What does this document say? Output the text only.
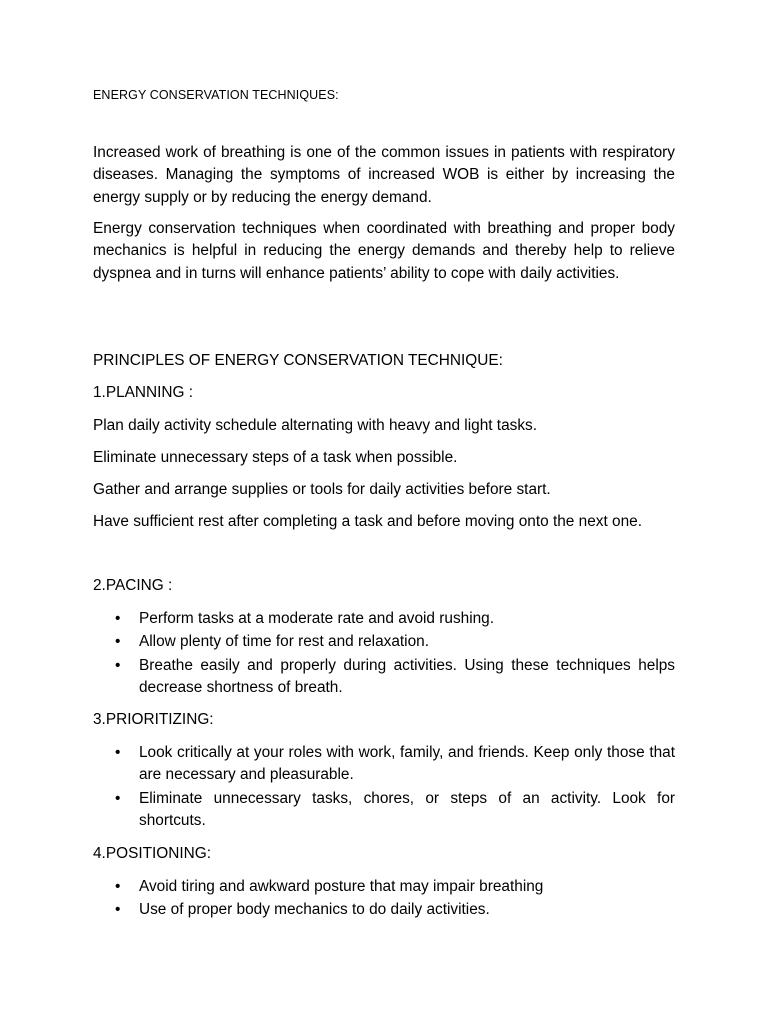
ENERGY CONSERVATION TECHNIQUES:

Increased work of breathing is one of the common issues in patients with respiratory diseases. Managing the symptoms of increased WOB is either by increasing the energy supply or by reducing the energy demand.

Energy conservation techniques when coordinated with breathing and proper body mechanics is helpful in reducing the energy demands and thereby help to relieve dyspnea and in turns will enhance patients’ ability to cope with daily activities.

PRINCIPLES OF ENERGY CONSERVATION TECHNIQUE:
1.PLANNING :
Plan daily activity schedule alternating with heavy and light tasks.
Eliminate unnecessary steps of a task when possible.
Gather and arrange supplies or tools for daily activities before start.
Have sufficient rest after completing a task and before moving onto the next one.
2.PACING :
• Perform tasks at a moderate rate and avoid rushing.
• Allow plenty of time for rest and relaxation.
• Breathe easily and properly during activities. Using these techniques helps decrease shortness of breath.
3.PRIORITIZING:
• Look critically at your roles with work, family, and friends. Keep only those that are necessary and pleasurable.
• Eliminate unnecessary tasks, chores, or steps of an activity. Look for shortcuts.
4.POSITIONING:
• Avoid tiring and awkward posture that may impair breathing
• Use of proper body mechanics to do daily activities.
